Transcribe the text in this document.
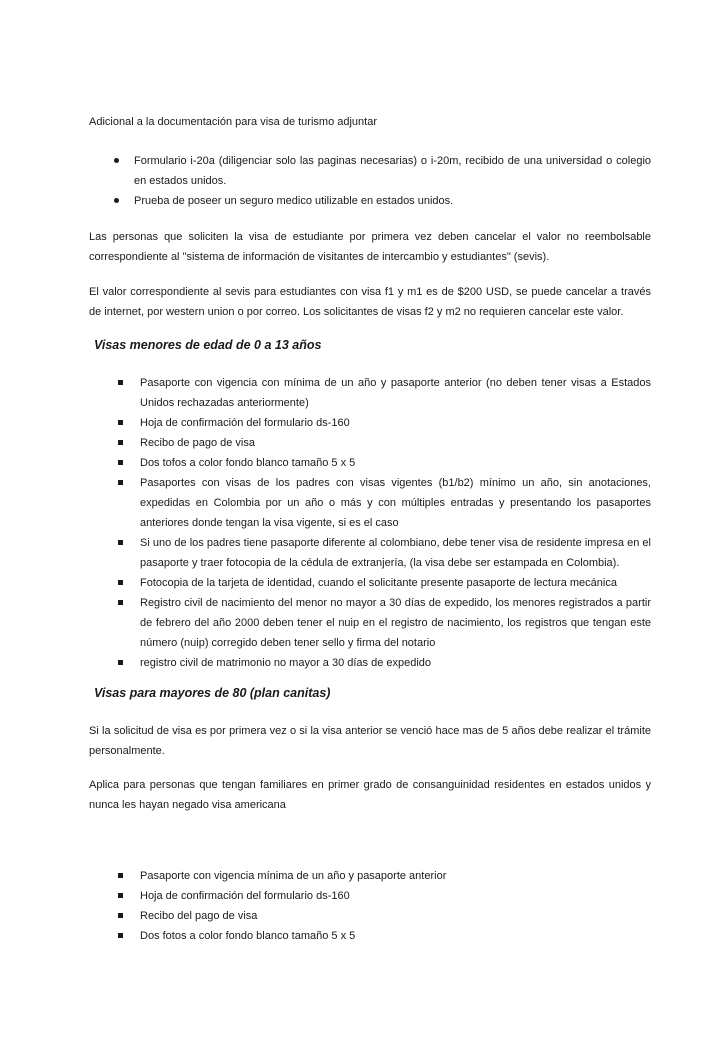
Adicional a la documentación para visa de turismo adjuntar

Formulario i-20a (diligenciar solo las paginas necesarias) o i-20m, recibido de una universidad o colegio en estados unidos.
Prueba de poseer un seguro medico utilizable en estados unidos.

Las personas que soliciten la visa de estudiante por primera vez deben cancelar el valor no reembolsable correspondiente al "sistema de información de visitantes de intercambio y estudiantes" (sevis).

El valor correspondiente al sevis para estudiantes con visa f1 y m1 es de $200 USD, se puede cancelar a través de internet, por western union o por correo. Los solicitantes de visas f2 y m2 no requieren cancelar este valor.

Visas menores de edad de 0 a 13 años
Pasaporte con vigencia con mínima de un año y pasaporte anterior (no deben tener visas a Estados Unidos rechazadas anteriormente)
Hoja de confirmación del formulario ds-160
Recibo de pago de visa
Dos tofos a color fondo blanco tamaño 5 x 5
Pasaportes con visas de los padres con visas vigentes (b1/b2) mínimo un año, sin anotaciones, expedidas en Colombia por un año o más y con múltiples entradas y presentando los pasaportes anteriores donde tengan la visa vigente, si es el caso
Si uno de los padres tiene pasaporte diferente al colombiano, debe tener visa de residente impresa en el pasaporte y traer fotocopia de la cédula de extranjería, (la visa debe ser estampada en Colombia).
Fotocopia de la tarjeta de identidad, cuando el solicitante presente pasaporte de lectura mecánica
Registro civil de nacimiento del menor no mayor a 30 días de expedido, los menores registrados a partir de febrero del año 2000 deben tener el nuip en el registro de nacimiento, los registros que tengan este número (nuip) corregido deben tener sello y firma del notario
registro civil de matrimonio no mayor a 30 días de expedido
Visas para mayores de 80 (plan canitas)

Si la solicitud de visa es por primera vez o si la visa anterior se venció hace mas de 5 años debe realizar el trámite personalmente.

Aplica para personas que tengan familiares en primer grado de consanguinidad residentes en estados unidos y nunca les hayan negado visa americana

Pasaporte con vigencia mínima de un año y pasaporte anterior
Hoja de confirmación del formulario ds-160
Recibo del pago de visa
Dos fotos a color fondo blanco tamaño 5 x 5
